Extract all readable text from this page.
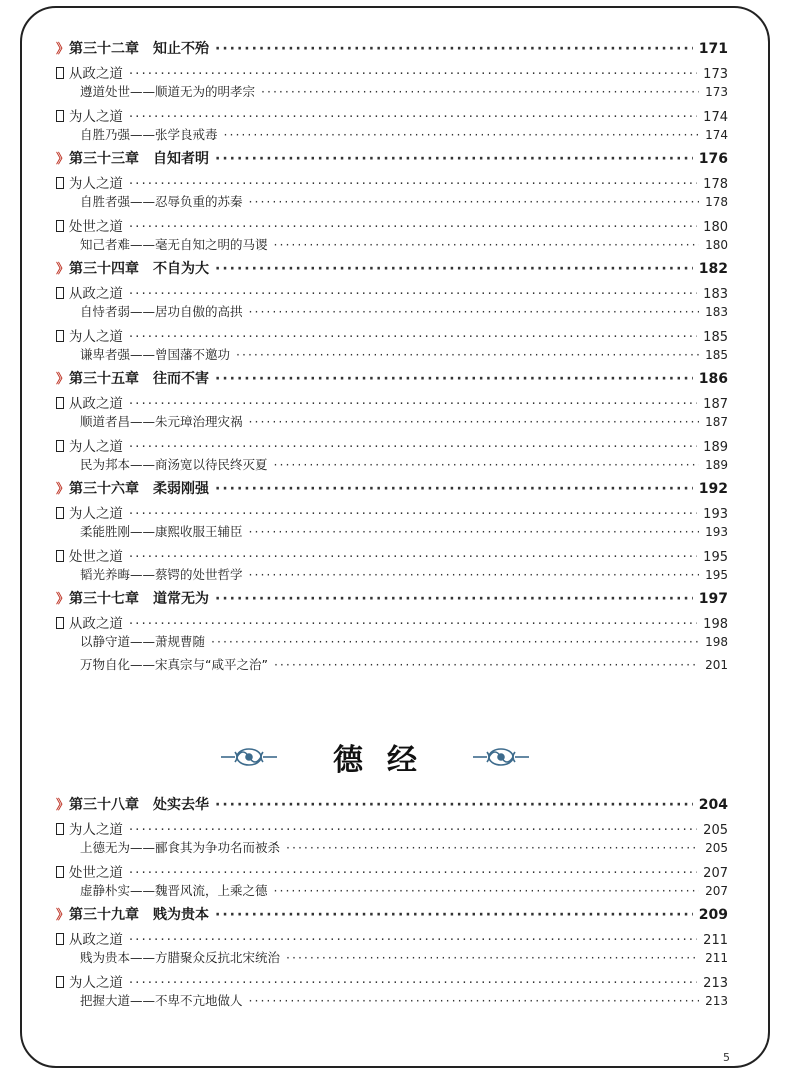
》 第三十二章 知止不殆 ·····	171
从政之道 ·····	173
遵道处世——顺道无为的明孝宗 ·····	173
为人之道 ·····	174
自胜乃强——张学良戒毒 ·····	174
》 第三十三章 自知者明 ·····	176
为人之道 ·····	178
自胜者强——忍辱负重的苏秦 ·····	178
处世之道 ·····	180
知己者难——毫无自知之明的马谡 ·····	180
》 第三十四章 不自为大 ·····	182
从政之道 ·····	183
自恃者弱——居功自傲的高拱 ·····	183
为人之道 ·····	185
谦卑者强——曾国藩不邀功 ·····	185
》 第三十五章 往而不害 ·····	186
从政之道 ·····	187
顺道者昌——朱元璋治理灾祸 ·····	187
为人之道 ·····	189
民为邦本——商汤宽以待民终灭夏 ·····	189
》 第三十六章 柔弱刚强 ·····	192
为人之道 ·····	193
柔能胜刚——康熙收服王辅臣 ·····	193
处世之道 ·····	195
韬光养晦——蔡锷的处世哲学 ·····	195
》 第三十七章 道常无为 ·····	197
从政之道 ·····	198
以静守道——萧规曹随 ·····	198
万物自化——宋真宗与“咸平之治” ·····	201
德经
》 第三十八章 处实去华 ·····	204
为人之道 ·····	205
上德无为——郦食其为争功名而被杀 ·····	205
处世之道 ·····	207
虚静朴实——魏晋风流，上乘之德 ·····	207
》 第三十九章 贱为贵本 ·····	209
从政之道 ·····	211
贱为贵本——方腊聚众反抗北宋统治 ·····	211
为人之道 ·····	213
把握大道——不卑不亢地做人 ·····	213
5
